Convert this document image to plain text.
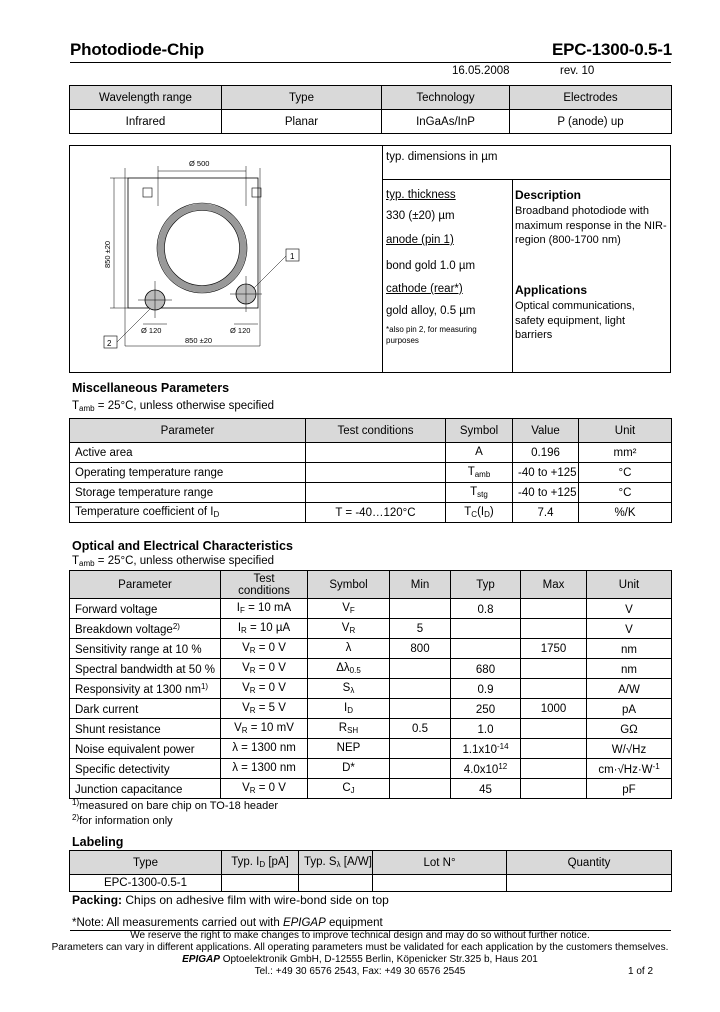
Photodiode-Chip	EPC-1300-0.5-1
16.05.2008	rev. 10
Wavelength range	Type	Technology	Electrodes
Infrared	Planar	InGaAs/InP	P (anode) up
Ø 500
850 ±20
850 ±20
Ø 120	Ø 120
1
2
typ. dimensions in µm
typ. thickness
330 (±20) µm
anode (pin 1)
bond gold 1.0 µm
cathode (rear*)
gold alloy, 0.5 µm
*also pin 2, for measuring purposes
Description
Broadband photodiode with maximum response in the NIR-region (800-1700 nm)
Applications
Optical communications, safety equipment, light barriers
Miscellaneous Parameters
$T_{amb} = 25^\circ C$, unless otherwise specified
Parameter	Test conditions	Symbol	Value	Unit
Active area		A	0.196	mm²
Operating temperature range		$T_{amb}$	-40 to +125	°C
Storage temperature range		$T_{stg}$	-40 to +125	°C
Temperature coefficient of $I_D$	T = -40…120°C	$T_C(I_D)$	7.4	%/K
Optical and Electrical Characteristics
$T_{amb} = 25^\circ C$, unless otherwise specified
Parameter	Test conditions	Symbol	Min	Typ	Max	Unit
Forward voltage	$I_F = 10$ mA	$V_F$		0.8		V
Breakdown voltage$^{2)}$	$I_R = 10$ µA	$V_R$	5			V
Sensitivity range at 10 %	$V_R = 0$ V	λ	800		1750	nm
Spectral bandwidth at 50 %	$V_R = 0$ V	$\Delta\lambda_{0.5}$		680		nm
Responsivity at 1300 $nm^{1)}$	$V_R = 0$ V	$S_\lambda$		0.9		A/W
Dark current	$V_R = 5$ V	$I_D$		250	1000	pA
Shunt resistance	$V_R = 10$ mV	$R_{SH}$	0.5	1.0		GΩ
Noise equivalent power	λ = 1300 nm	NEP		$1.1x10^{-14}$		W/√Hz
Specific detectivity	λ = 1300 nm	D*		$4.0x10^{12}$		$cm\cdot√Hz\cdot W^{-1}$
Junction capacitance	$V_R = 0$ V	$C_J$		45		pF
$^{1)}$measured on bare chip on TO-18 header
$^{2)}$for information only
Labeling
Type	Typ. $I_D$ [pA]	Typ. $S_\lambda$ [A/W]	Lot N°	Quantity
EPC-1300-0.5-1				
Packing: Chips on adhesive film with wire-bond side on top
*Note: All measurements carried out with EPIGAP equipment
We reserve the right to make changes to improve technical design and may do so without further notice.
Parameters can vary in different applications. All operating parameters must be validated for each application by the customers themselves.
EPIGAP Optoelektronik GmbH, D-12555 Berlin, Köpenicker Str.325 b, Haus 201
Tel.: +49 30 6576 2543, Fax: +49 30 6576 2545	1 of 2
